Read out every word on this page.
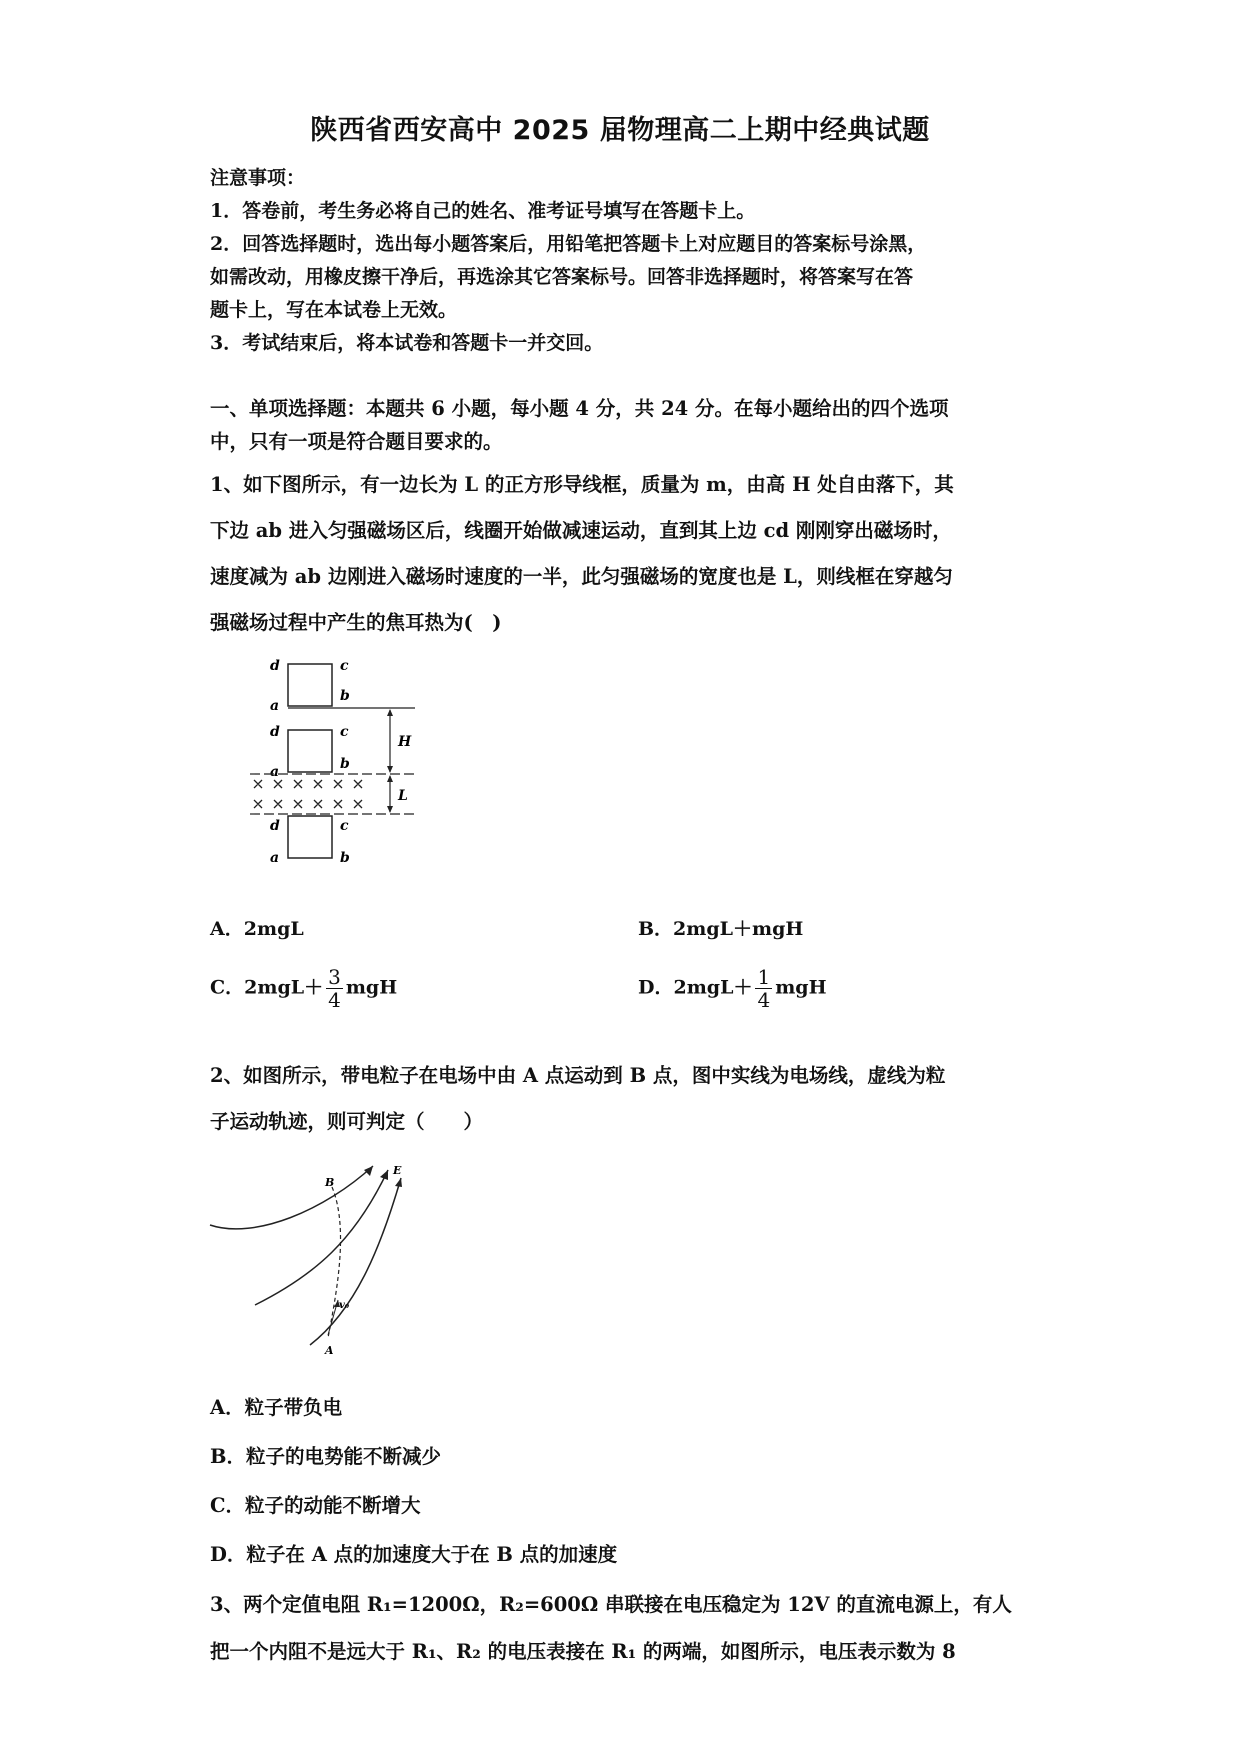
陕西省西安高中 2025 届物理高二上期中经典试题
注意事项：
1．答卷前，考生务必将自己的姓名、准考证号填写在答题卡上。
2．回答选择题时，选出每小题答案后，用铅笔把答题卡上对应题目的答案标号涂黑，
如需改动，用橡皮擦干净后，再选涂其它答案标号。回答非选择题时，将答案写在答
题卡上，写在本试卷上无效。
3．考试结束后，将本试卷和答题卡一并交回。
一、单项选择题：本题共 6 小题，每小题 4 分，共 24 分。在每小题给出的四个选项
中，只有一项是符合题目要求的。
1、如下图所示，有一边长为 L 的正方形导线框，质量为 m，由高 H 处自由落下，其
下边 ab 进入匀强磁场区后，线圈开始做减速运动，直到其上边 cd 刚刚穿出磁场时，
速度减为 ab 边刚进入磁场时速度的一半，此匀强磁场的宽度也是 L，则线框在穿越匀
强磁场过程中产生的焦耳热为(　)
d	c
a
b
d	c
a	b
H
L
d	c
a	b
A．2mgL	B．2mgL＋mgH
C．$2mgL+ \frac{3}{4}$ mgH	D．$2mgL+ \frac{1}{4}$ mgH
2、如图所示，带电粒子在电场中由 A 点运动到 B 点，图中实线为电场线，虚线为粒
子运动轨迹，则可判定（　　）
B
E
v₀
A
A．粒子带负电
B．粒子的电势能不断减少
C．粒子的动能不断增大
D．粒子在 A 点的加速度大于在 B 点的加速度
3、两个定值电阻 R₁=1200Ω，R₂=600Ω 串联接在电压稳定为 12V 的直流电源上，有人
把一个内阻不是远大于 R₁、R₂ 的电压表接在 R₁ 的两端，如图所示，电压表示数为 8
